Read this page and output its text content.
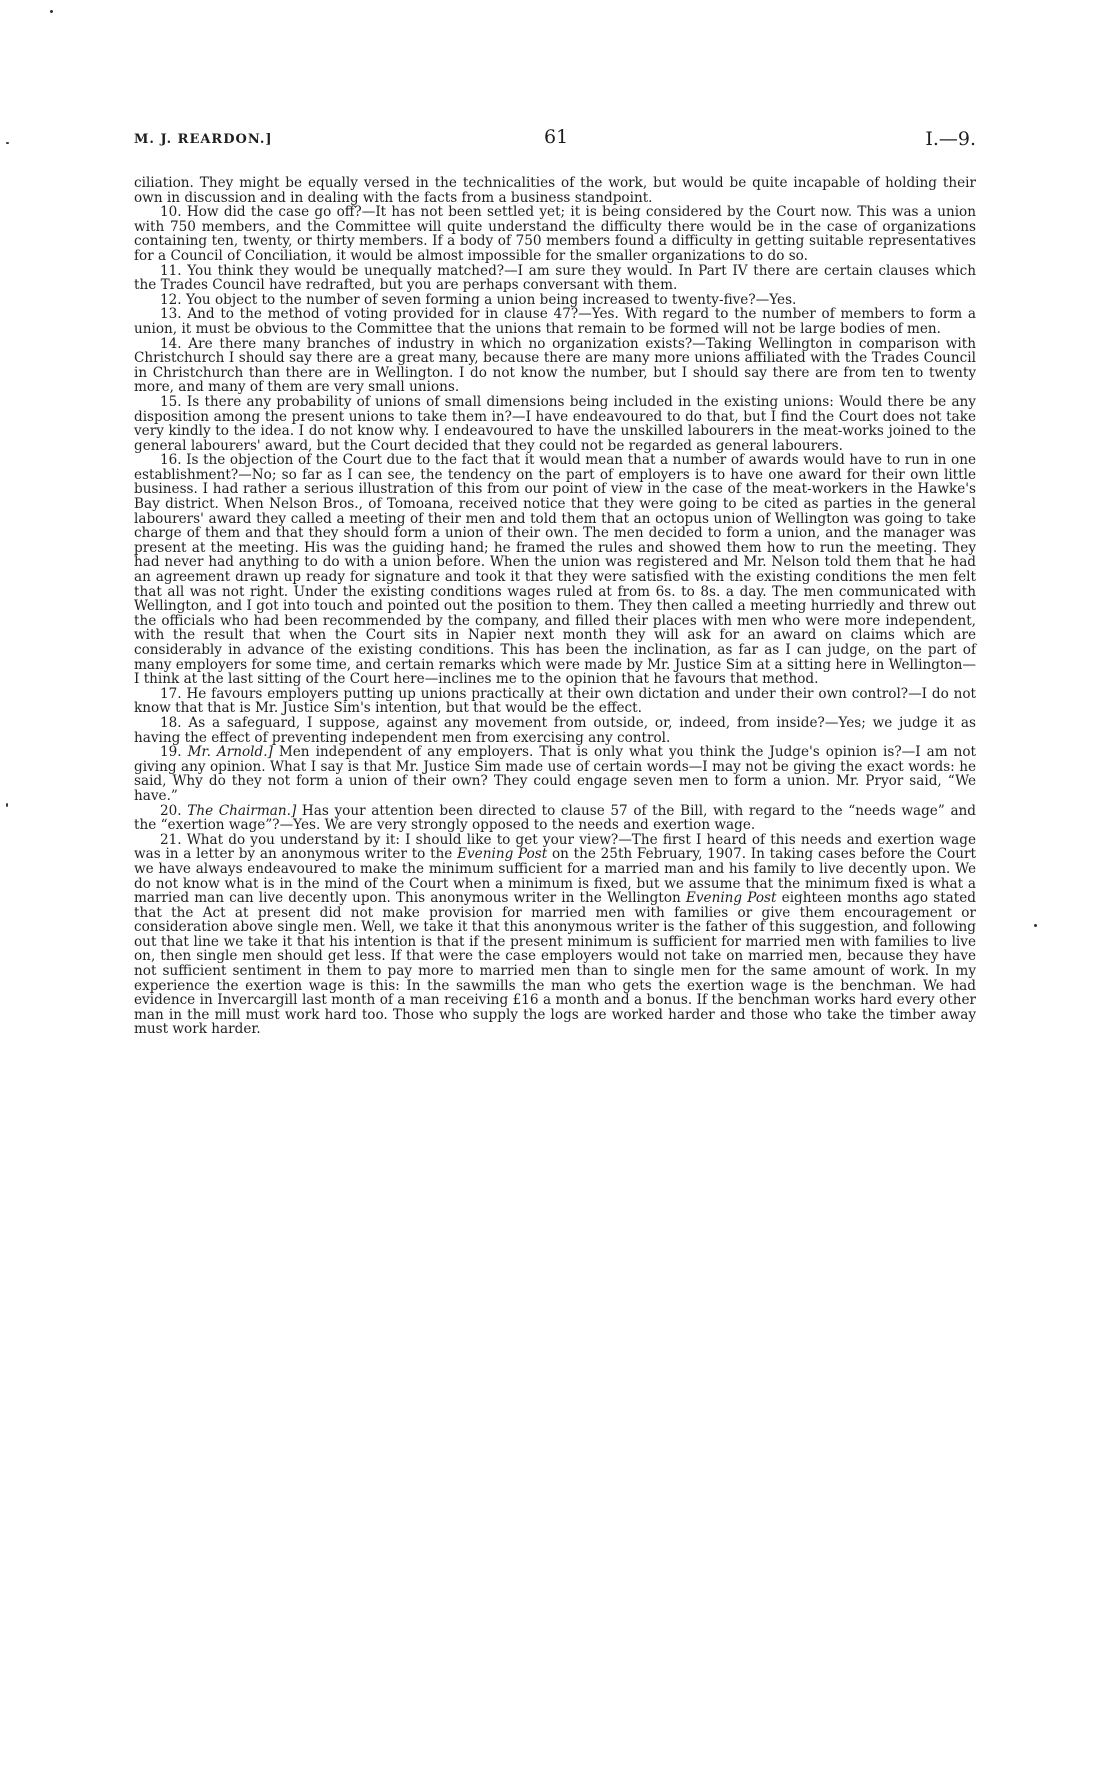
M. J. REARDON.]	61	I.—9.

ciliation. They might be equally versed in the technicalities of the work, but would be quite incapable of holding their own in discussion and in dealing with the facts from a business standpoint.

10. How did the case go off?—It has not been settled yet; it is being considered by the Court now. This was a union with 750 members, and the Committee will quite understand the difficulty there would be in the case of organizations containing ten, twenty, or thirty members. If a body of 750 members found a difficulty in getting suitable representatives for a Council of Conciliation, it would be almost impossible for the smaller organizations to do so.

11. You think they would be unequally matched?—I am sure they would. In Part IV there are certain clauses which the Trades Council have redrafted, but you are perhaps conversant with them.

12. You object to the number of seven forming a union being increased to twenty-five?—Yes.

13. And to the method of voting provided for in clause 47?—Yes. With regard to the number of members to form a union, it must be obvious to the Committee that the unions that remain to be formed will not be large bodies of men.

14. Are there many branches of industry in which no organization exists?—Taking Wellington in comparison with Christchurch I should say there are a great many, because there are many more unions affiliated with the Trades Council in Christchurch than there are in Wellington. I do not know the number, but I should say there are from ten to twenty more, and many of them are very small unions.

15. Is there any probability of unions of small dimensions being included in the existing unions: Would there be any disposition among the present unions to take them in?—I have endeavoured to do that, but I find the Court does not take very kindly to the idea. I do not know why. I endeavoured to have the unskilled labourers in the meat-works joined to the general labourers' award, but the Court decided that they could not be regarded as general labourers.

16. Is the objection of the Court due to the fact that it would mean that a number of awards would have to run in one establishment?—No; so far as I can see, the tendency on the part of employers is to have one award for their own little business. I had rather a serious illustration of this from our point of view in the case of the meat-workers in the Hawke's Bay district. When Nelson Bros., of Tomoana, received notice that they were going to be cited as parties in the general labourers' award they called a meeting of their men and told them that an octopus union of Wellington was going to take charge of them and that they should form a union of their own. The men decided to form a union, and the manager was present at the meeting. His was the guiding hand; he framed the rules and showed them how to run the meeting. They had never had anything to do with a union before. When the union was registered and Mr. Nelson told them that he had an agreement drawn up ready for signature and took it that they were satisfied with the existing conditions the men felt that all was not right. Under the existing conditions wages ruled at from 6s. to 8s. a day. The men communicated with Wellington, and I got into touch and pointed out the position to them. They then called a meeting hurriedly and threw out the officials who had been recommended by the company, and filled their places with men who were more independent, with the result that when the Court sits in Napier next month they will ask for an award on claims which are considerably in advance of the existing conditions. This has been the inclination, as far as I can judge, on the part of many employers for some time, and certain remarks which were made by Mr. Justice Sim at a sitting here in Wellington—I think at the last sitting of the Court here—inclines me to the opinion that he favours that method.

17. He favours employers putting up unions practically at their own dictation and under their own control?—I do not know that that is Mr. Justice Sim's intention, but that would be the effect.

18. As a safeguard, I suppose, against any movement from outside, or, indeed, from inside?—Yes; we judge it as having the effect of preventing independent men from exercising any control.

19. Mr. Arnold.] Men independent of any employers. That is only what you think the Judge's opinion is?—I am not giving any opinion. What I say is that Mr. Justice Sim made use of certain words—I may not be giving the exact words: he said, Why do they not form a union of their own? They could engage seven men to form a union. Mr. Pryor said, “We have.”

20. The Chairman.] Has your attention been directed to clause 57 of the Bill, with regard to the “needs wage” and the “exertion wage”?—Yes. We are very strongly opposed to the needs and exertion wage.

21. What do you understand by it: I should like to get your view?—The first I heard of this needs and exertion wage was in a letter by an anonymous writer to the Evening Post on the 25th February, 1907. In taking cases before the Court we have always endeavoured to make the minimum sufficient for a married man and his family to live decently upon. We do not know what is in the mind of the Court when a minimum is fixed, but we assume that the minimum fixed is what a married man can live decently upon. This anonymous writer in the Wellington Evening Post eighteen months ago stated that the Act at present did not make provision for married men with families or give them encouragement or consideration above single men. Well, we take it that this anonymous writer is the father of this suggestion, and following out that line we take it that his intention is that if the present minimum is sufficient for married men with families to live on, then single men should get less. If that were the case employers would not take on married men, because they have not sufficient sentiment in them to pay more to married men than to single men for the same amount of work. In my experience the exertion wage is this: In the sawmills the man who gets the exertion wage is the benchman. We had evidence in Invercargill last month of a man receiving £16 a month and a bonus. If the benchman works hard every other man in the mill must work hard too. Those who supply the logs are worked harder and those who take the timber away must work harder.
